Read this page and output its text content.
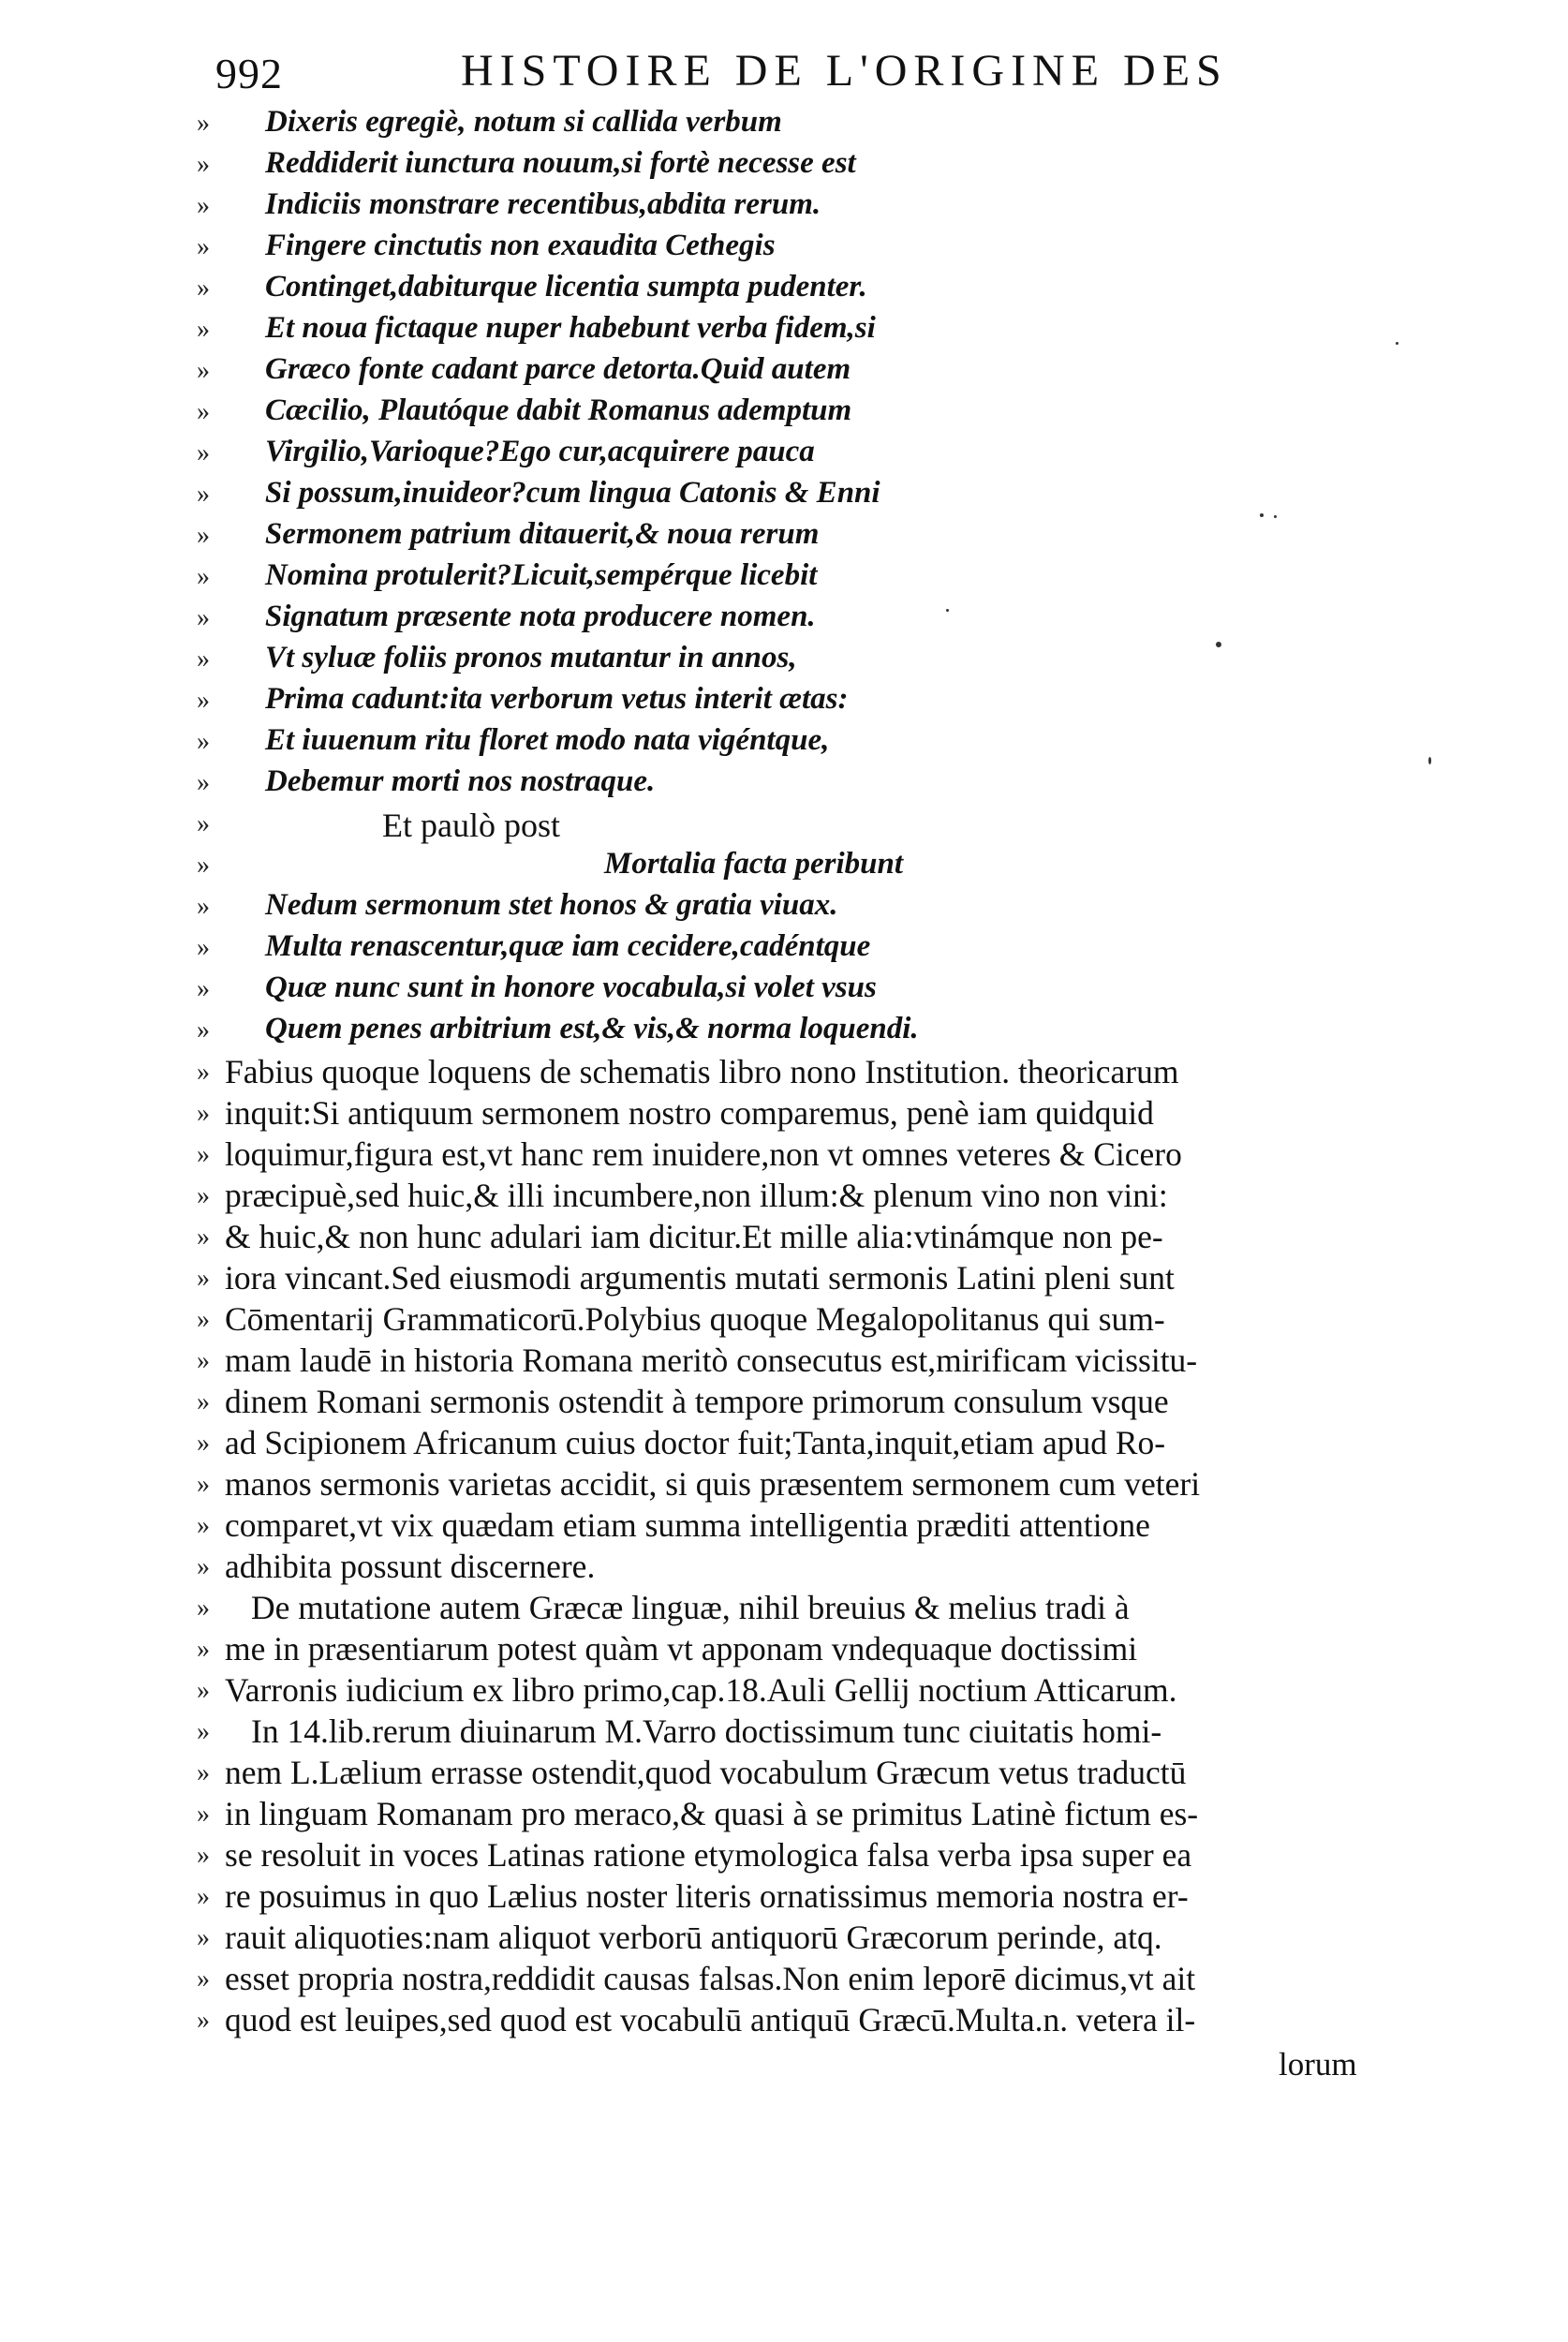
992	HISTOIRE DE L'ORIGINE DES
» Dixeris egregiè, notum si callida verbum
» Reddiderit iunctura nouum,si fortè necesse est
» Indiciis monstrare recentibus,abdita rerum.
» Fingere cinctutis non exaudita Cethegis
» Continget,dabiturque licentia sumpta pudenter.
» Et noua fictaque nuper habebunt verba fidem,si
» Græco fonte cadant parce detorta.Quid autem
» Cæcilio, Plautóque dabit Romanus ademptum
» Virgilio,Varioque?Ego cur,acquirere pauca
» Si possum,inuideor?cum lingua Catonis & Enni
» Sermonem patrium ditauerit,& noua rerum
» Nomina protulerit?Licuit,sempérque licebit
» Signatum præsente nota producere nomen.
» Vt syluæ foliis pronos mutantur in annos,
» Prima cadunt:ita verborum vetus interit ætas:
» Et iuuenum ritu floret modo nata vigéntque,
» Debemur morti nos nostraque.
»	Et paulò post
»	Mortalia facta peribunt
» Nedum sermonum stet honos & gratia viuax.
» Multa renascentur,quæ iam cecidere,cadéntque
» Quæ nunc sunt in honore vocabula,si volet vsus
» Quem penes arbitrium est,& vis,& norma loquendi.
» Fabius quoque loquens de schematis libro nono Institution. theoricarum
» inquit:Si antiquum sermonem nostro comparemus, penè iam quidquid
» loquimur,figura est,vt hanc rem inuidere,non vt omnes veteres & Cicero
» præcipuè,sed huic,& illi incumbere,non illum:& plenum vino non vini:
» & huic,& non hunc adulari iam dicitur.Et mille alia:vtinámque non pe-
» iora vincant.Sed eiusmodi argumentis mutati sermonis Latini pleni sunt
» Cōmentarij Grammaticorū.Polybius quoque Megalopolitanus qui sum-
» mam laudē in historia Romana meritò consecutus est,mirificam vicissitu-
» dinem Romani sermonis ostendit à tempore primorum consulum vsque
» ad Scipionem Africanum cuius doctor fuit;Tanta,inquit,etiam apud Ro-
» manos sermonis varietas accidit, si quis præsentem sermonem cum veteri
» comparet,vt vix quædam etiam summa intelligentia præditi attentione
» adhibita possunt discernere.
» De mutatione autem Græcæ linguæ, nihil breuius & melius tradi à
» me in præsentiarum potest quàm vt apponam vndequaque doctissimi
» Varronis iudicium ex libro primo,cap.18.Auli Gellij noctium Atticarum.
» In 14.lib.rerum diuinarum M.Varro doctissimum tunc ciuitatis homi-
» nem L.Lælium errasse ostendit,quod vocabulum Græcum vetus traductū
» in linguam Romanam pro meraco,& quasi à se primitus Latinè fictum es-
» se resoluit in voces Latinas ratione etymologica falsa verba ipsa super ea
» re posuimus in quo Lælius noster literis ornatissimus memoria nostra er-
» rauit aliquoties:nam aliquot verborū antiquorū Græcorum perinde, atq.
» esset propria nostra,reddidit causas falsas.Non enim leporē dicimus,vt ait
» quod est leuipes,sed quod est vocabulū antiquū Græcū.Multa.n. vetera il-
lorum
